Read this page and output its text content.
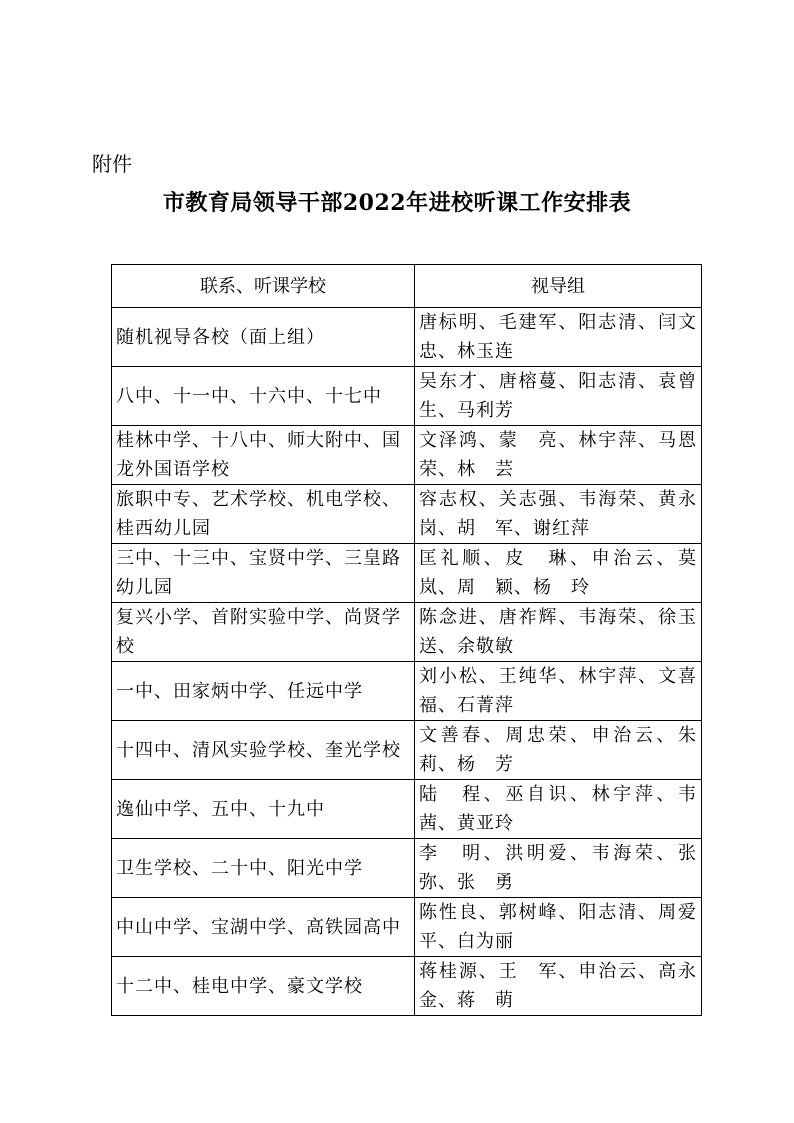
附件
市教育局领导干部2022年进校听课工作安排表
联系、听课学校	视导组
随机视导各校（面上组）	唐标明、毛建军、阳志清、闫文忠、林玉连
八中、十一中、十六中、十七中	吴东才、唐榕蔓、阳志清、袁曾生、马利芳
桂林中学、十八中、师大附中、国龙外国语学校	文泽鸿、蒙　亮、林宇萍、马恩荣、林　芸
旅职中专、艺术学校、机电学校、桂西幼儿园	容志权、关志强、韦海荣、黄永岗、胡　军、谢红萍
三中、十三中、宝贤中学、三皇路幼儿园	匡礼顺、皮　琳、申治云、莫岚、周　颖、杨　玲
复兴小学、首附实验中学、尚贤学校	陈念进、唐祚辉、韦海荣、徐玉送、余敬敏
一中、田家炳中学、任远中学	刘小松、王纯华、林宇萍、文喜福、石菁萍
十四中、清风实验学校、奎光学校	文善春、周忠荣、申治云、朱莉、杨　芳
逸仙中学、五中、十九中	陆　程、巫自识、林宇萍、韦茜、黄亚玲
卫生学校、二十中、阳光中学	李　明、洪明爱、韦海荣、张弥、张　勇
中山中学、宝湖中学、高铁园高中	陈性良、郭树峰、阳志清、周爱平、白为丽
十二中、桂电中学、豪文学校	蒋桂源、王　军、申治云、高永金、蒋　萌
